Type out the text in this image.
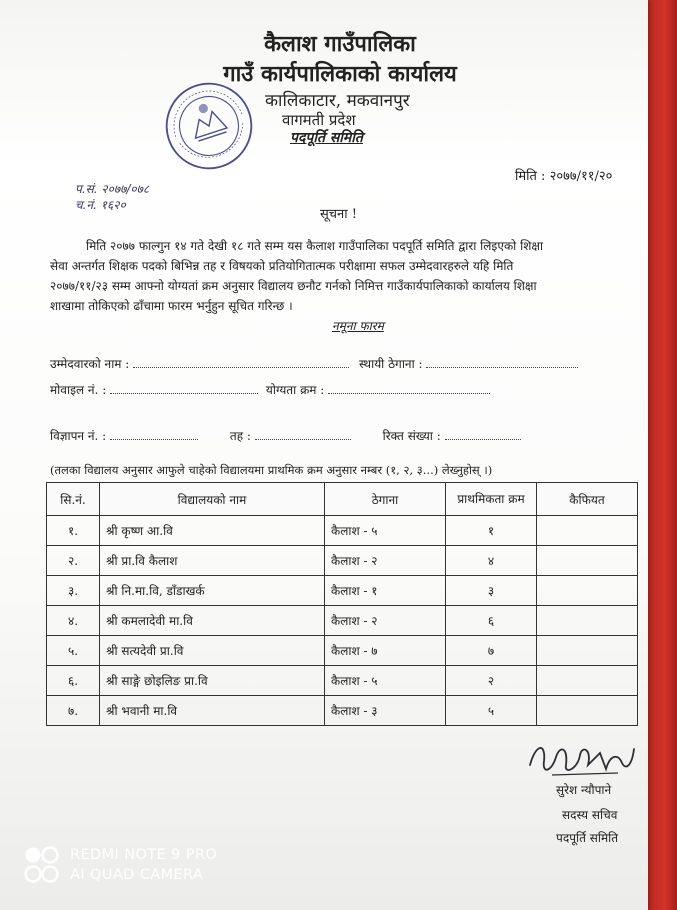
कैलाश गाउँपालिका
गाउँ कार्यपालिकाको कार्यालय
कालिकाटार, मकवानपुर
वागमती प्रदेश
पदपूर्ति समिति
मिति : २०७७/११/२०
प.सं. २०७७/०७८
च.नं. १६२०
सूचना !
मिति २०७७ फाल्गुन १४ गते देखी १८ गते सम्म यस कैलाश गाउँपालिका पदपूर्ति समिति द्वारा लिइएको शिक्षा
सेवा अन्तर्गत शिक्षक पदको बिभिन्न तह र विषयको प्रतियोगितात्मक परीक्षामा सफल उम्मेदवारहरुले यहि मिति
२०७७/११/२३ सम्म आफ्नो योग्यतां क्रम अनुसार विद्यालय छनौट गर्नको निमित्त गाउँकार्यपालिकाको कार्यालय शिक्षा
शाखामा तोकिएको ढाँचामा फारम भर्नुहुन सूचित गरिन्छ ।
नमूना फारम
उम्मेदवारको नाम :	स्थायी ठेगाना :
मोवाइल नं. :	योग्यता क्रम :
विज्ञापन नं. :	तह :	रिक्त संख्या :
(तलका विद्यालय अनुसार आफुले चाहेको विद्यालयमा प्राथमिक क्रम अनुसार नम्बर (१, २, ३...) लेख्नुहोस् ।)
सि.नं.	विद्यालयको नाम	ठेगाना	प्राथमिकता क्रम	कैफियत
१.	श्री कृष्ण आ.वि	कैलाश - ५	१	
२.	श्री प्रा.वि कैलाश	कैलाश - २	४	
३.	श्री नि.मा.वि, डाँडाखर्क	कैलाश - १	३	
४.	श्री कमलादेवी मा.वि	कैलाश - २	६	
५.	श्री सत्यदेवी प्रा.वि	कैलाश - ७	७	
६.	श्री साङ्गे छोइलिङ प्रा.वि	कैलाश - ५	२	
७.	श्री भवानी मा.वि	कैलाश - ३	५	
सुरेश न्यौपाने
सदस्य सचिव
पदपूर्ति समिति
REDMI NOTE 9 PRO
AI QUAD CAMERA
